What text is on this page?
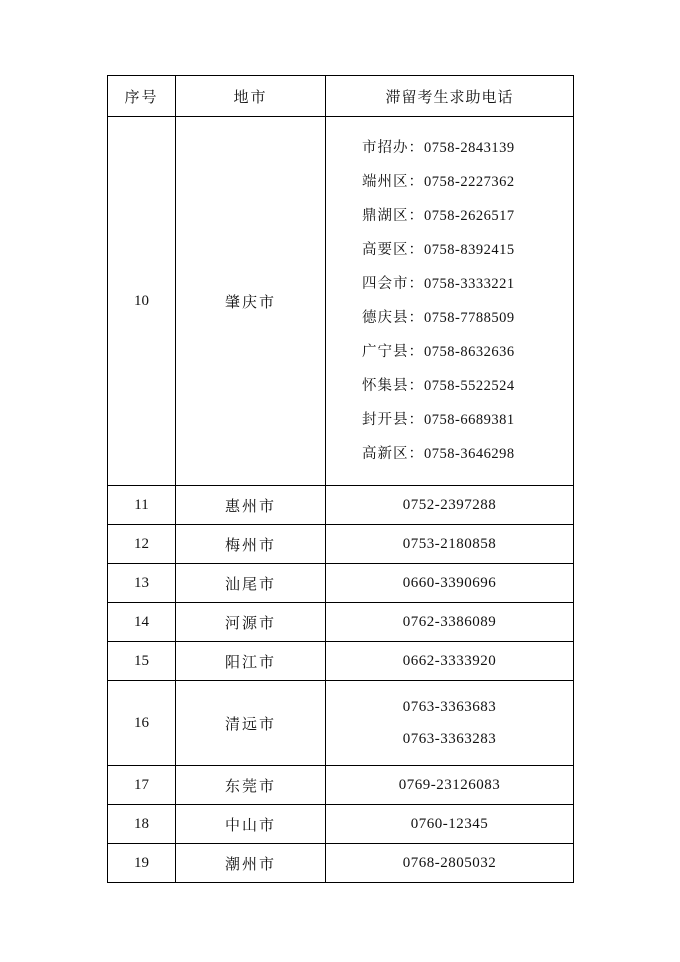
序号	地市	滞留考生求助电话
10	肇庆市	
市招办：0758-2843139
端州区：0758-2227362
鼎湖区：0758-2626517
高要区：0758-8392415
四会市：0758-3333221
德庆县：0758-7788509
广宁县：0758-8632636
怀集县：0758-5522524
封开县：0758-6689381
高新区：0758-3646298

11	惠州市	0752-2397288
12	梅州市	0753-2180858
13	汕尾市	0660-3390696
14	河源市	0762-3386089
15	阳江市	0662-3333920
16	清远市	0763-3363683
0763-3363283

17	东莞市	0769-23126083
18	中山市	0760-12345
19	潮州市	0768-2805032
